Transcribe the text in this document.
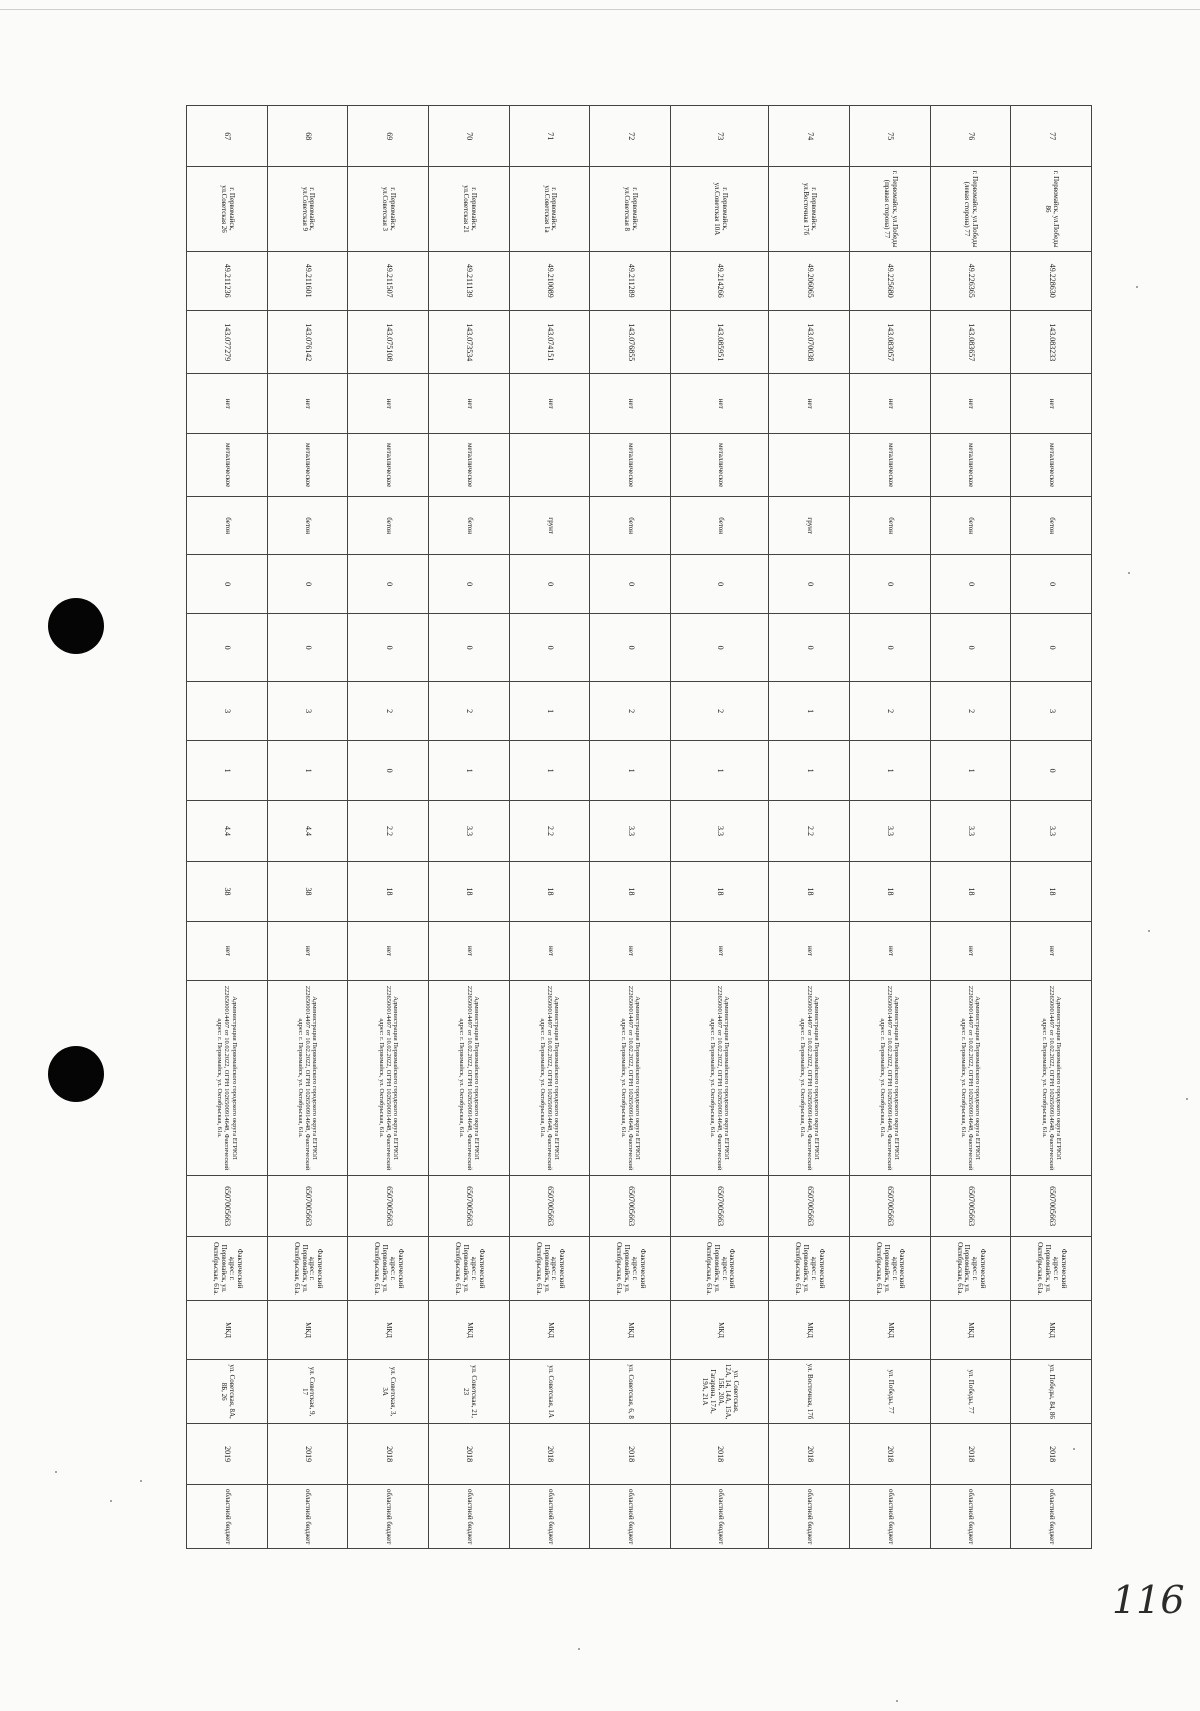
77	г. Первомайск, ул.Победы 86	49.228630	143.083233	нет	металлическое	бетон	0	0	3	0	3.3	18	нет	Администрация Первомайского городского округа ЕГРЮЛ 2226500014497 от 10.02.2022, ОГРН 1026500914648, Фактический адрес: г. Первомайск, ул. Октябрьская, 61а.	6507005663	Фактический адрес: г. Первомайск, ул. Октябрьская, 61а.	МКД	ул. Победы, 84, 86	2018	областной бюджет
76	г. Первомайск, ул.Победы (левая сторона) 77	49.226365	143.083657	нет	металлическое	бетон	0	0	2	1	3.3	18	нет	Администрация Первомайского городского округа ЕГРЮЛ 2226500014497 от 10.02.2022, ОГРН 1026500914648, Фактический адрес: г. Первомайск, ул. Октябрьская, 61а.	6507005663	Фактический адрес: г. Первомайск, ул. Октябрьская, 61а.	МКД	ул. Победы, 77	2018	областной бюджет
75	г. Первомайск, ул.Победы (правая сторона) 77	49.225680	143.083057	нет	металлическое	бетон	0	0	2	1	3.3	18	нет	Администрация Первомайского городского округа ЕГРЮЛ 2226500014497 от 10.02.2022, ОГРН 1026500914648, Фактический адрес: г. Первомайск, ул. Октябрьская, 61а.	6507005663	Фактический адрес: г. Первомайск, ул. Октябрьская, 61а.	МКД	ул. Победы, 77	2018	областной бюджет
74	г. Первомайск, ул.Восточная 17б	49.206065	143.070038	нет		грунт	0	0	1	1	2.2	18	нет	Администрация Первомайского городского округа ЕГРЮЛ 2226500014497 от 10.02.2022, ОГРН 1026500914648, Фактический адрес: г. Первомайск, ул. Октябрьская, 61а.	6507005663	Фактический адрес: г. Первомайск, ул. Октябрьская, 61а.	МКД	ул. Восточная, 17б	2018	областной бюджет
73	г. Первомайск, ул.Советская 10А	49.214266	143.085951	нет	металлическое	бетон	0	0	2	1	3.3	18	нет	Администрация Первомайского городского округа ЕГРЮЛ 2226500014497 от 10.02.2022, ОГРН 1026500914648, Фактический адрес: г. Первомайск, ул. Октябрьская, 61а.	6507005663	Фактический адрес: г. Первомайск, ул. Октябрьская, 61а.	МКД	ул. Советская, 12А, 14, 14А, 15А, 15Б, 20А, Гагарина, 17А, 19А, 21А	2018	областной бюджет
72	г. Первомайск, ул.Советская 8	49.211289	143.076855	нет	металлическое	бетон	0	0	2	1	3.3	18	нет	Администрация Первомайского городского округа ЕГРЮЛ 2226500014497 от 10.02.2022, ОГРН 1026500914648, Фактический адрес: г. Первомайск, ул. Октябрьская, 61а.	6507005663	Фактический адрес: г. Первомайск, ул. Октябрьская, 61а.	МКД	ул. Советская, 6, 8	2018	областной бюджет
71	г. Первомайск, ул.Советская 1а	49.210089	143.074151	нет		грунт	0	0	1	1	2.2	18	нет	Администрация Первомайского городского округа ЕГРЮЛ 2226500014497 от 10.02.2022, ОГРН 1026500914648, Фактический адрес: г. Первомайск, ул. Октябрьская, 61а.	6507005663	Фактический адрес: г. Первомайск, ул. Октябрьская, 61а.	МКД	ул. Советская, 1А	2018	областной бюджет
70	г. Первомайск, ул.Советская 21	49.211139	143.073534	нет	металлическое	бетон	0	0	2	1	3.3	18	нет	Администрация Первомайского городского округа ЕГРЮЛ 2226500014497 от 10.02.2022, ОГРН 1026500914648, Фактический адрес: г. Первомайск, ул. Октябрьская, 61а.	6507005663	Фактический адрес: г. Первомайск, ул. Октябрьская, 61а.	МКД	ул. Советская, 21, 23	2018	областной бюджет
69	г. Первомайск, ул.Советская 3	49.211507	143.075108	нет	металлическое	бетон	0	0	2	0	2.2	18	нет	Администрация Первомайского городского округа ЕГРЮЛ 2226500014497 от 10.02.2022, ОГРН 1026500914648, Фактический адрес: г. Первомайск, ул. Октябрьская, 61а.	6507005663	Фактический адрес: г. Первомайск, ул. Октябрьская, 61а.	МКД	ул. Советская, 3, 3А	2018	областной бюджет
68	г. Первомайск, ул.Советская 9	49.211601	143.076142	нет	металлическое	бетон	0	0	3	1	4.4	38	нет	Администрация Первомайского городского округа ЕГРЮЛ 2226500014497 от 10.02.2022, ОГРН 1026500914648, Фактический адрес: г. Первомайск, ул. Октябрьская, 61а.	6507005663	Фактический адрес: г. Первомайск, ул. Октябрьская, 61а.	МКД	ул. Советская, 9, 17	2019	областной бюджет
67	г. Первомайск, ул.Советская 26	49.211236	143.077279	нет	металлическое	бетон	0	0	3	1	4.4	38	нет	Администрация Первомайского городского округа ЕГРЮЛ 2226500014497 от 10.02.2022, ОГРН 1026500914648, Фактический адрес: г. Первомайск, ул. Октябрьская, 61а.	6507005663	Фактический адрес: г. Первомайск, ул. Октябрьская, 61а.	МКД	ул. Советская, 8А, 8Б, 26	2019	областной бюджет
116
